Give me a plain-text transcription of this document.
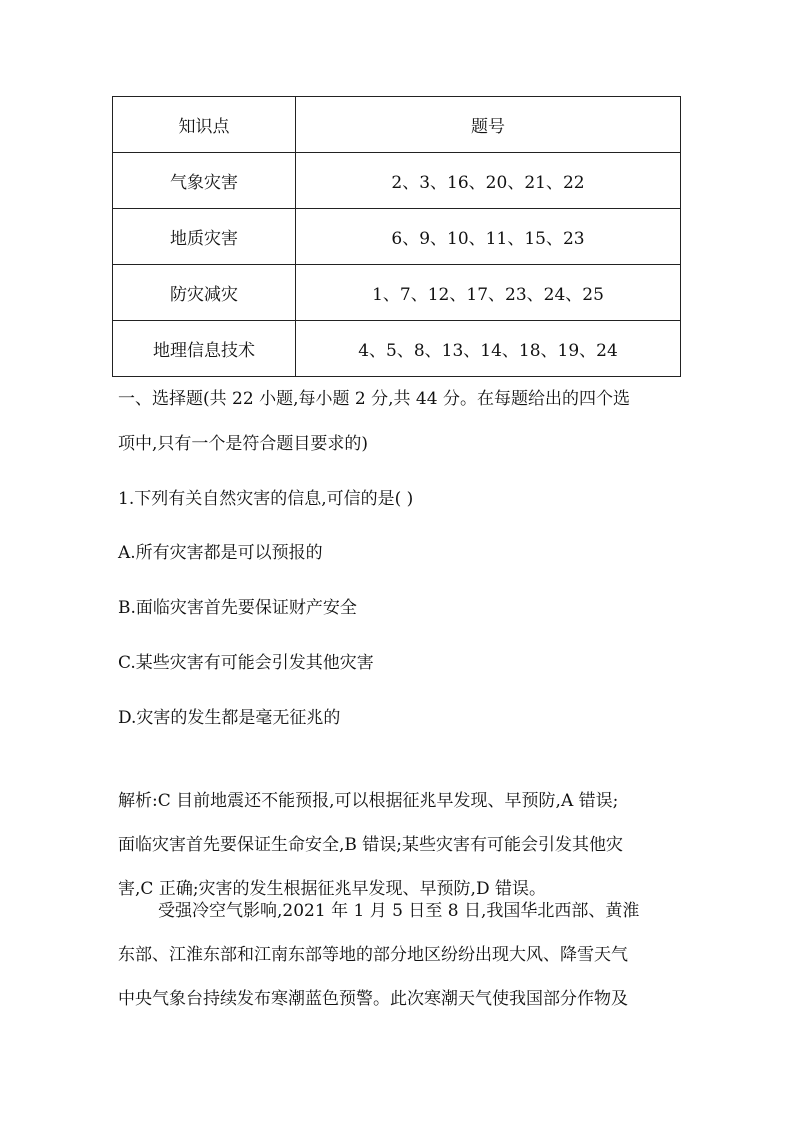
知识点	题号
气象灾害	2、3、16、20、21、22
地质灾害	6、9、10、11、15、23
防灾减灾	1、7、12、17、23、24、25
地理信息技术	4、5、8、13、14、18、19、24
一、选择题(共 22 小题,每小题 2 分,共 44 分。在每题给出的四个选
项中,只有一个是符合题目要求的)
1.下列有关自然灾害的信息,可信的是( )
A.所有灾害都是可以预报的
B.面临灾害首先要保证财产安全
C.某些灾害有可能会引发其他灾害
D.灾害的发生都是毫无征兆的
解析:C 目前地震还不能预报,可以根据征兆早发现、早预防,A 错误;
面临灾害首先要保证生命安全,B 错误;某些灾害有可能会引发其他灾
害,C 正确;灾害的发生根据征兆早发现、早预防,D 错误。
受强冷空气影响,2021 年 1 月 5 日至 8 日,我国华北西部、黄淮
东部、江淮东部和江南东部等地的部分地区纷纷出现大风、降雪天气
中央气象台持续发布寒潮蓝色预警。此次寒潮天气使我国部分作物及
